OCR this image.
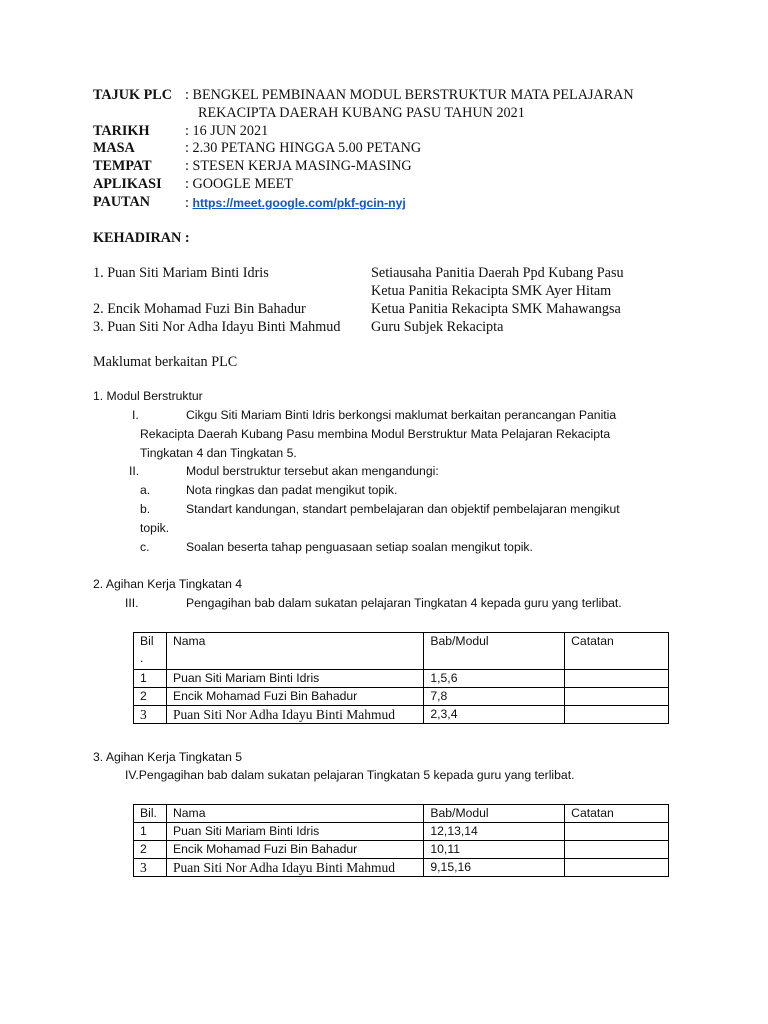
TAJUK PLC : BENGKEL PEMBINAAN MODUL BERSTRUKTUR MATA PELAJARAN
REKACIPTA DAERAH KUBANG PASU TAHUN 2021
TARIKH	: 16 JUN 2021
MASA	: 2.30 PETANG HINGGA 5.00 PETANG
TEMPAT : STESEN KERJA MASING-MASING
APLIKASI : GOOGLE MEET
PAUTAN : https://meet.google.com/pkf-gcin-nyj
KEHADIRAN :
1. Puan Siti Mariam Binti Idris	Setiausaha Panitia Daerah Ppd Kubang Pasu
Ketua Panitia Rekacipta SMK Ayer Hitam
2. Encik Mohamad Fuzi Bin Bahadur	Ketua Panitia Rekacipta SMK Mahawangsa
3. Puan Siti Nor Adha Idayu Binti Mahmud Guru Subjek Rekacipta
Maklumat berkaitan PLC
1. Modul Berstruktur
I.	Cikgu Siti Mariam Binti Idris berkongsi maklumat berkaitan perancangan Panitia
Rekacipta Daerah Kubang Pasu membina Modul Berstruktur Mata Pelajaran Rekacipta
Tingkatan 4 dan Tingkatan 5.
II.	Modul berstruktur tersebut akan mengandungi:
a.	Nota ringkas dan padat mengikut topik.
b.	Standart kandungan, standart pembelajaran dan objektif pembelajaran mengikut
topik.
c.	Soalan beserta tahap penguasaan setiap soalan mengikut topik.
2. Agihan Kerja Tingkatan 4
III.	Pengagihan bab dalam sukatan pelajaran Tingkatan 4 kepada guru yang terlibat.
Bil
.	Nama	Bab/Modul	Catatan
1	Puan Siti Mariam Binti Idris	1,5,6	
2	Encik Mohamad Fuzi Bin Bahadur	7,8	
3	Puan Siti Nor Adha Idayu Binti Mahmud	2,3,4	
3. Agihan Kerja Tingkatan 5
IV.Pengagihan bab dalam sukatan pelajaran Tingkatan 5 kepada guru yang terlibat.
Bil.	Nama	Bab/Modul	Catatan
1	Puan Siti Mariam Binti Idris	12,13,14	
2	Encik Mohamad Fuzi Bin Bahadur	10,11	
3	Puan Siti Nor Adha Idayu Binti Mahmud	9,15,16	
